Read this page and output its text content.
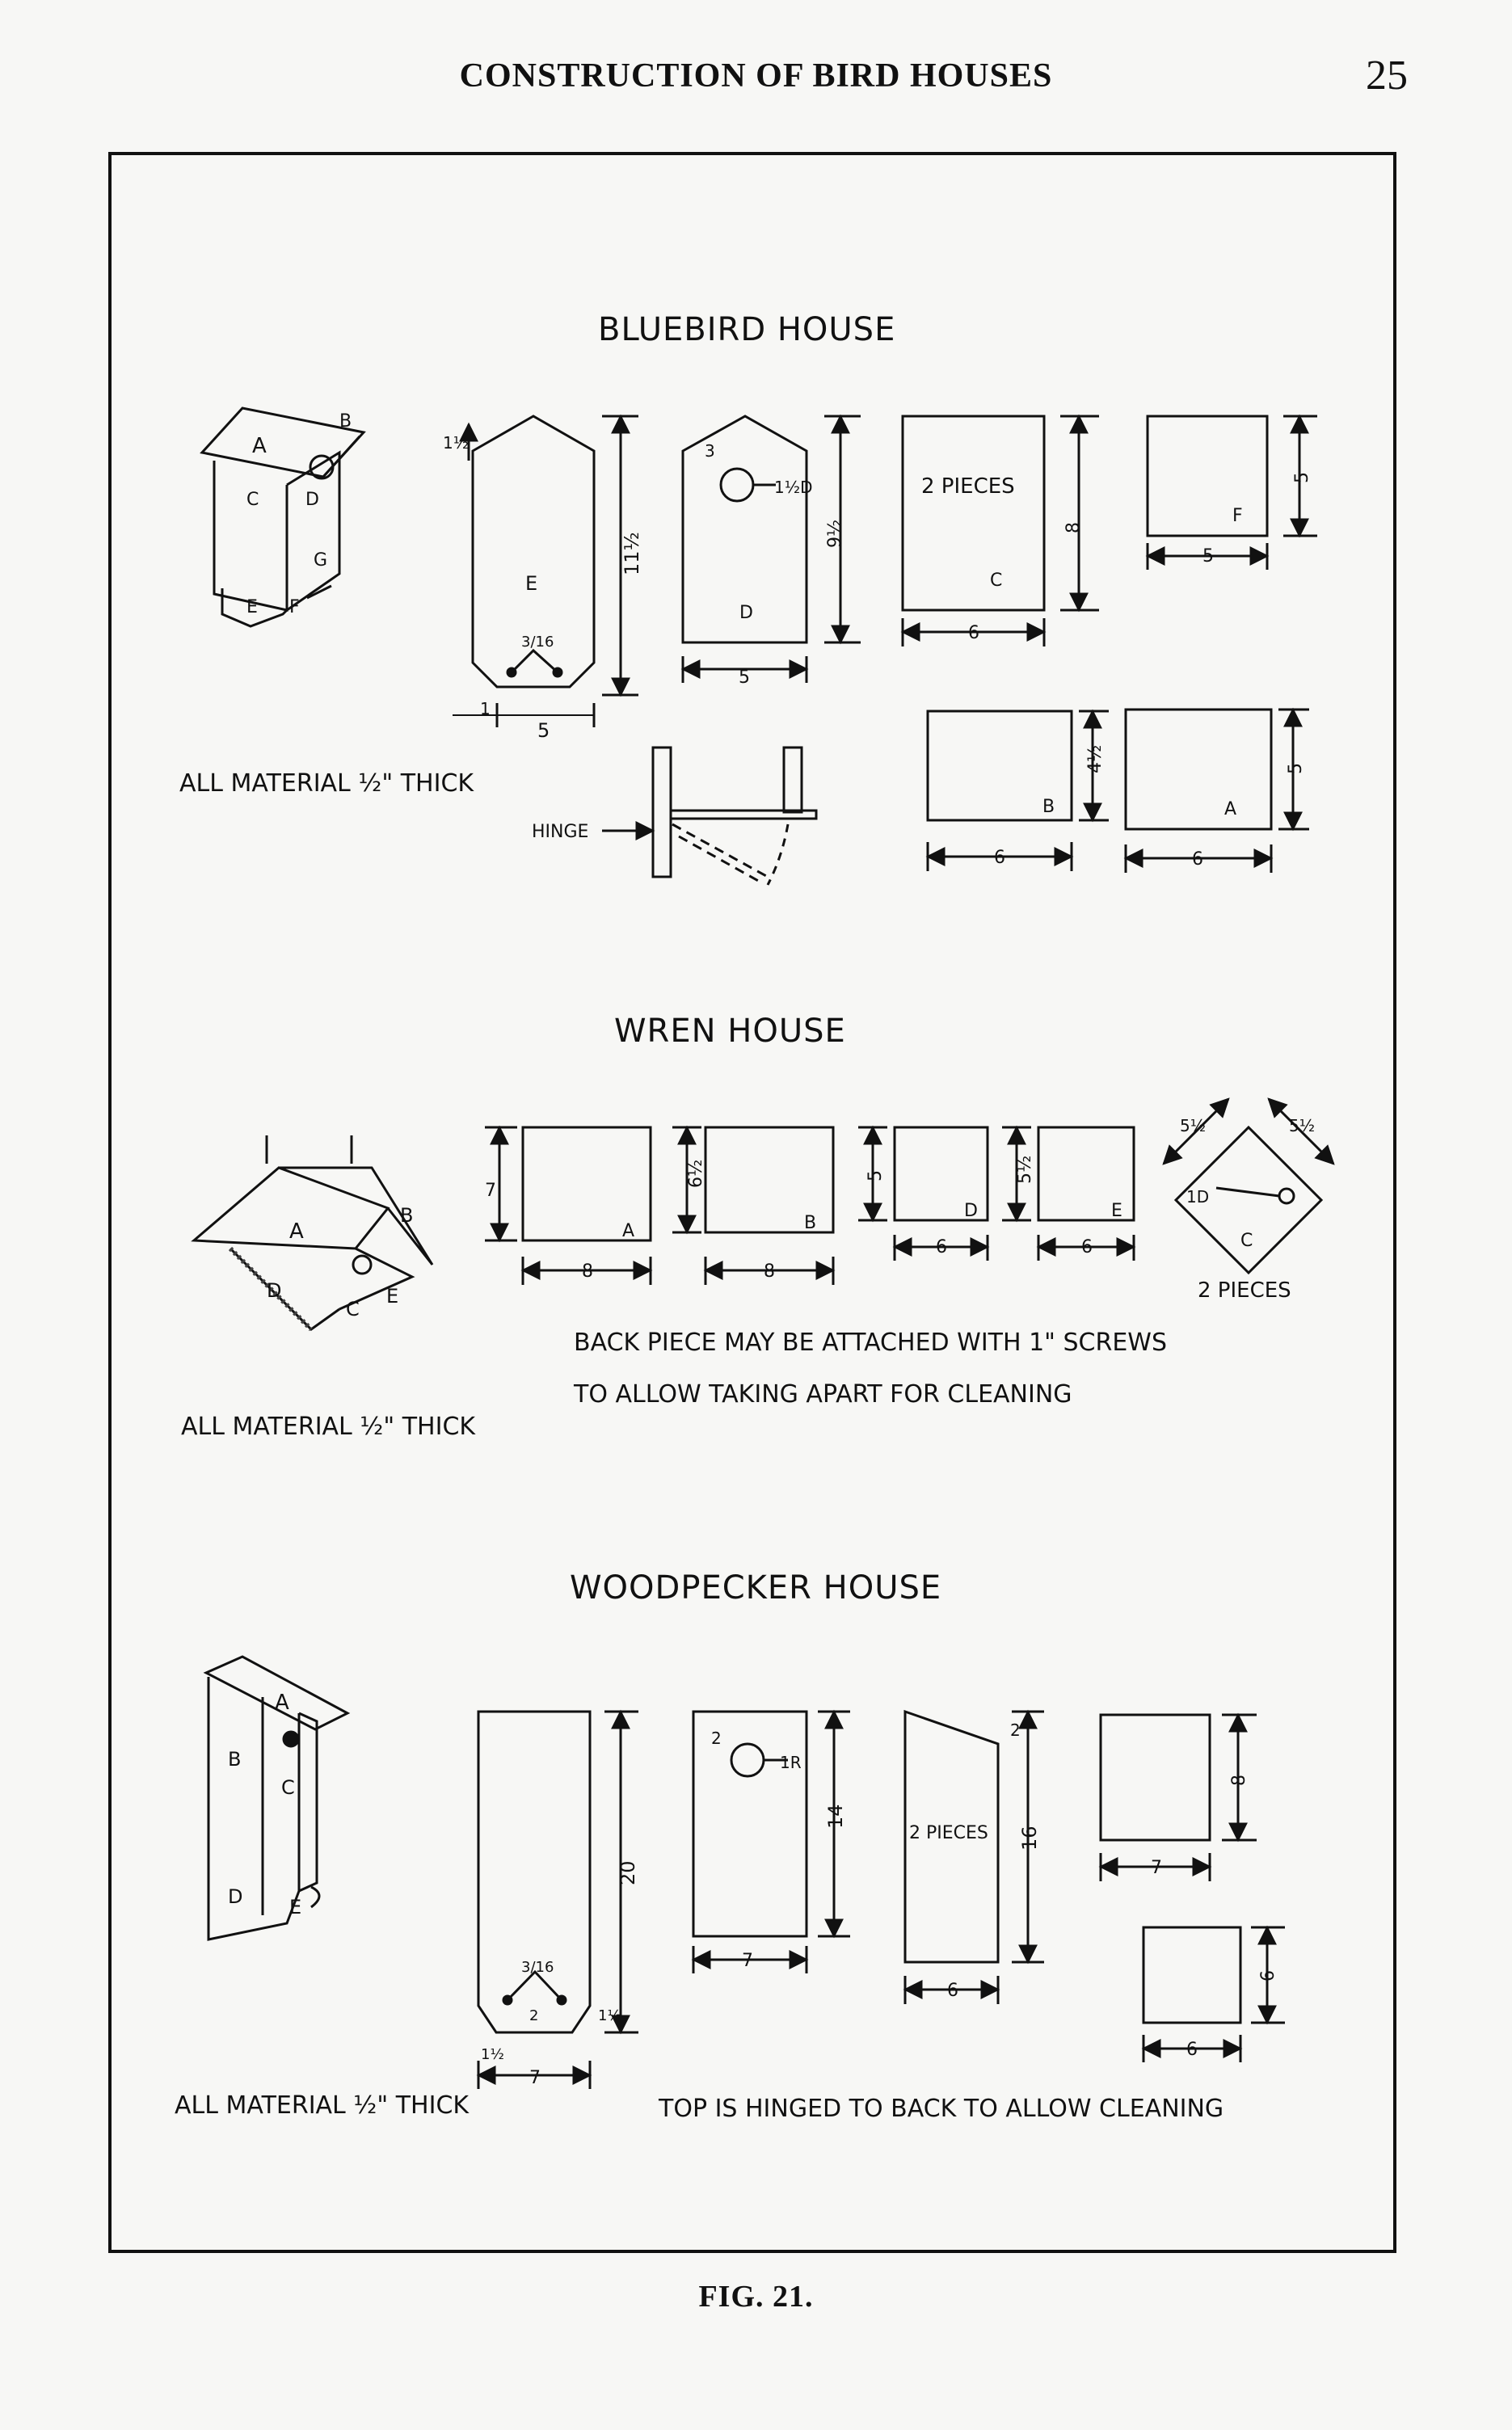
CONSTRUCTION OF BIRD HOUSES	25
BLUEBIRD HOUSE
ALL MATERIAL ½" THICK
WREN HOUSE
BACK PIECE MAY BE ATTACHED WITH 1" SCREWS
TO ALLOW TAKING APART FOR CLEANING
ALL MATERIAL ½" THICK
WOODPECKER HOUSE
ALL MATERIAL ½" THICK	TOP IS HINGED TO BACK TO ALLOW CLEANING
FIG. 21.
A
B
C	D
E F
G
E
11½
1½
5
1
3/16
D
9½
3
1½D
5
2 PIECES
C
8
6
F
5
5
B
4½
6
A
5
6
HINGE
A
B
C
D	E
A
7
8
B
6½
8
D
5
6
E
5½
6	C
1D
5½	5½
2 PIECES
A
B
C
D E
20
7
3/16
2	1½
1½
14
7
2
1R
2 PIECES 16
6
2
8
7
6
6
